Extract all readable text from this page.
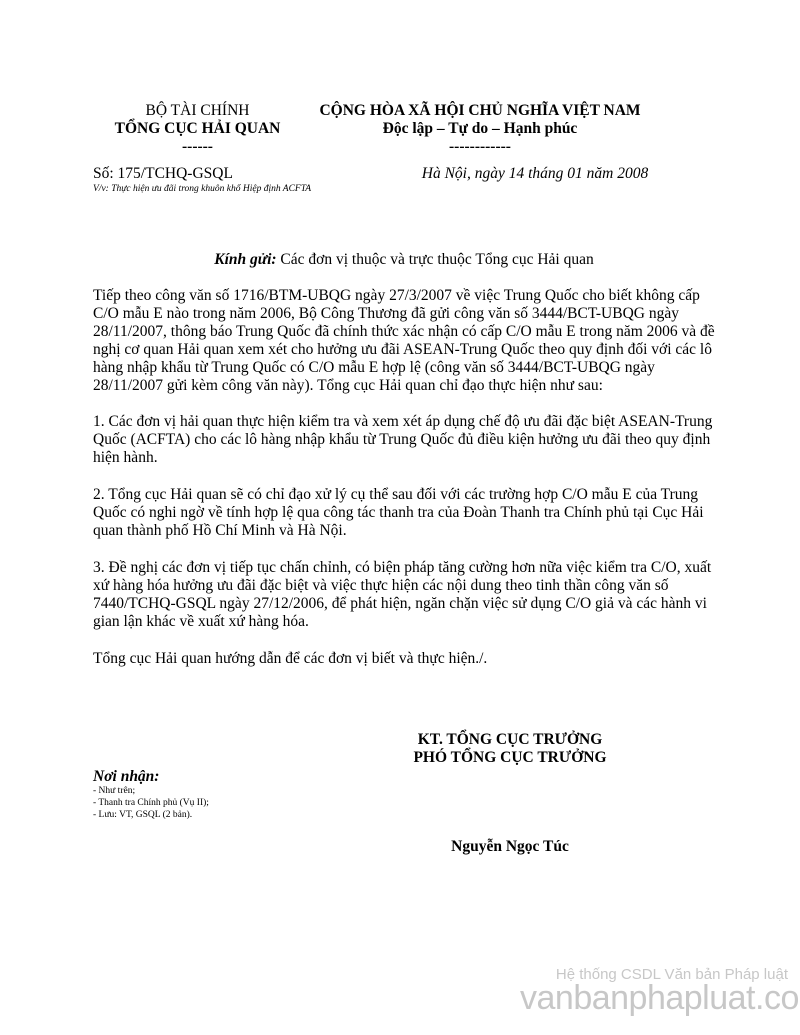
BỘ TÀI CHÍNH
TỔNG CỤC HẢI QUAN
------
CỘNG HÒA XÃ HỘI CHỦ NGHĨA VIỆT NAM
Độc lập – Tự do – Hạnh phúc
------------
Số: 175/TCHQ-GSQL
V/v: Thực hiện ưu đãi trong khuôn khổ Hiệp định ACFTA
Hà Nội, ngày 14 tháng 01 năm 2008
Kính gửi: Các đơn vị thuộc và trực thuộc Tổng cục Hải quan

Tiếp theo công văn số 1716/BTM-UBQG ngày 27/3/2007 về việc Trung Quốc cho biết không cấp C/O mẫu E nào trong năm 2006, Bộ Công Thương đã gửi công văn số 3444/BCT-UBQG ngày 28/11/2007, thông báo Trung Quốc đã chính thức xác nhận có cấp C/O mẫu E trong năm 2006 và đề nghị cơ quan Hải quan xem xét cho hưởng ưu đãi ASEAN-Trung Quốc theo quy định đối với các lô hàng nhập khẩu từ Trung Quốc có C/O mẫu E hợp lệ (công văn số 3444/BCT-UBQG ngày 28/11/2007 gửi kèm công văn này). Tổng cục Hải quan chỉ đạo thực hiện như sau:

1. Các đơn vị hải quan thực hiện kiểm tra và xem xét áp dụng chế độ ưu đãi đặc biệt ASEAN-Trung Quốc (ACFTA) cho các lô hàng nhập khẩu từ Trung Quốc đủ điều kiện hưởng ưu đãi theo quy định hiện hành.

2. Tổng cục Hải quan sẽ có chỉ đạo xử lý cụ thể sau đối với các trường hợp C/O mẫu E của Trung Quốc có nghi ngờ về tính hợp lệ qua công tác thanh tra của Đoàn Thanh tra Chính phủ tại Cục Hải quan thành phố Hồ Chí Minh và Hà Nội.

3. Đề nghị các đơn vị tiếp tục chấn chỉnh, có biện pháp tăng cường hơn nữa việc kiểm tra C/O, xuất xứ hàng hóa hưởng ưu đãi đặc biệt và việc thực hiện các nội dung theo tinh thần công văn số 7440/TCHQ-GSQL ngày 27/12/2006, để phát hiện, ngăn chặn việc sử dụng C/O giả và các hành vi gian lận khác về xuất xứ hàng hóa.

Tổng cục Hải quan hướng dẫn để các đơn vị biết và thực hiện./.

KT. TỔNG CỤC TRƯỞNG
PHÓ TỔNG CỤC TRƯỞNG
Nguyễn Ngọc Túc
Nơi nhận:
- Như trên;
- Thanh tra Chính phủ (Vụ II);
- Lưu: VT, GSQL (2 bản).
Hệ thống CSDL Văn bản Pháp luật
vanbanphapluat.co
